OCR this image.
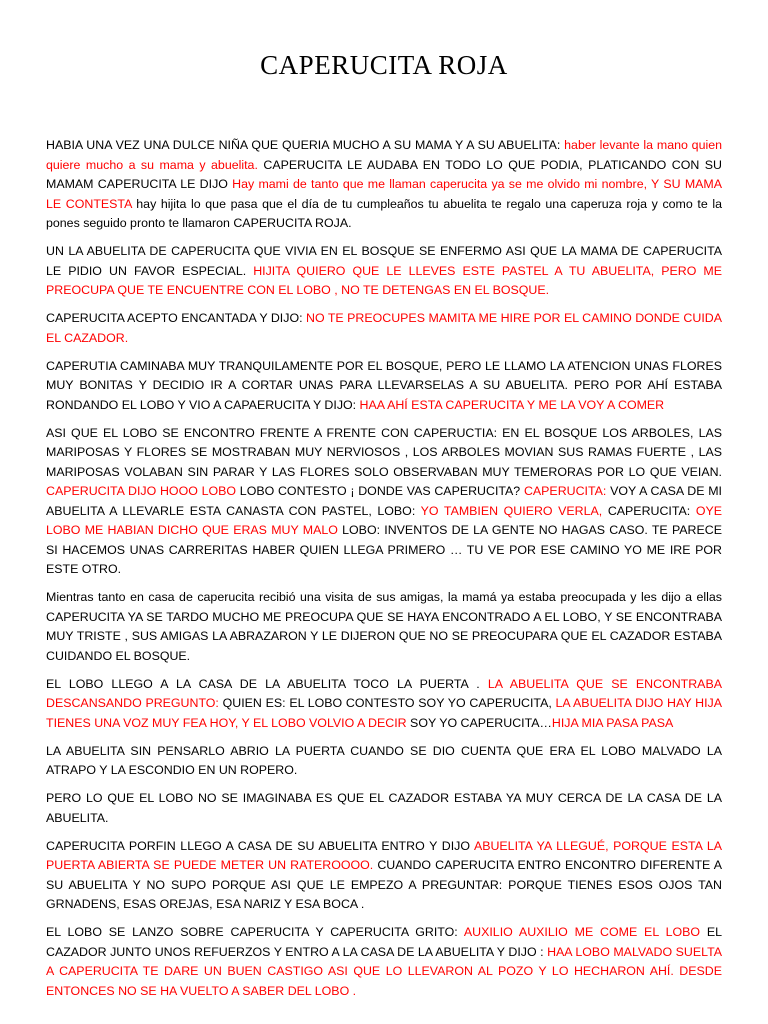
CAPERUCITA ROJA

HABIA UNA VEZ UNA DULCE NIÑA QUE QUERIA MUCHO A SU MAMA Y A SU ABUELITA: haber levante la mano quien quiere mucho a su mama y abuelita. CAPERUCITA LE AUDABA EN TODO LO QUE PODIA, PLATICANDO CON SU MAMAM CAPERUCITA LE DIJO Hay mami de tanto que me llaman caperucita ya se me olvido mi nombre, Y SU MAMA LE CONTESTA hay hijita lo que pasa que el día de tu cumpleaños tu abuelita te regalo una caperuza roja y como te la pones seguido pronto te llamaron CAPERUCITA ROJA.

UN LA ABUELITA DE CAPERUCITA QUE VIVIA EN EL BOSQUE SE ENFERMO ASI QUE LA MAMA DE CAPERUCITA LE PIDIO UN FAVOR ESPECIAL. HIJITA QUIERO QUE LE LLEVES ESTE PASTEL A TU ABUELITA, PERO ME PREOCUPA QUE TE ENCUENTRE CON EL LOBO , NO TE DETENGAS EN EL BOSQUE.

CAPERUCITA ACEPTO ENCANTADA Y DIJO: NO TE PREOCUPES MAMITA ME HIRE POR EL CAMINO DONDE CUIDA EL CAZADOR.

CAPERUTIA CAMINABA MUY TRANQUILAMENTE POR EL BOSQUE, PERO LE LLAMO LA ATENCION UNAS FLORES MUY BONITAS Y DECIDIO IR A CORTAR UNAS PARA LLEVARSELAS A SU ABUELITA. PERO POR AHÍ ESTABA RONDANDO EL LOBO Y VIO A CAPAERUCITA Y DIJO: HAA AHÍ ESTA CAPERUCITA Y ME LA VOY A COMER

ASI QUE EL LOBO SE ENCONTRO FRENTE A FRENTE CON CAPERUCTIA: EN EL BOSQUE LOS ARBOLES, LAS MARIPOSAS Y FLORES SE MOSTRABAN MUY NERVIOSOS , LOS ARBOLES MOVIAN SUS RAMAS FUERTE , LAS MARIPOSAS VOLABAN SIN PARAR Y LAS FLORES SOLO OBSERVABAN MUY TEMERORAS POR LO QUE VEIAN. CAPERUCITA DIJO HOOO LOBO LOBO CONTESTO ¡ DONDE VAS CAPERUCITA? CAPERUCITA: VOY A CASA DE MI ABUELITA A LLEVARLE ESTA CANASTA CON PASTEL, LOBO: YO TAMBIEN QUIERO VERLA, CAPERUCITA: OYE LOBO ME HABIAN DICHO QUE ERAS MUY MALO LOBO: INVENTOS DE LA GENTE NO HAGAS CASO. TE PARECE SI HACEMOS UNAS CARRERITAS HABER QUIEN LLEGA PRIMERO … TU VE POR ESE CAMINO YO ME IRE POR ESTE OTRO.

Mientras tanto en casa de caperucita recibió una visita de sus amigas, la mamá ya estaba preocupada y les dijo a ellas CAPERUCITA YA SE TARDO MUCHO ME PREOCUPA QUE SE HAYA ENCONTRADO A EL LOBO, Y SE ENCONTRABA MUY TRISTE , SUS AMIGAS LA ABRAZARON Y LE DIJERON QUE NO SE PREOCUPARA QUE EL CAZADOR ESTABA CUIDANDO EL BOSQUE.

EL LOBO LLEGO A LA CASA DE LA ABUELITA TOCO LA PUERTA . LA ABUELITA QUE SE ENCONTRABA DESCANSANDO PREGUNTO: QUIEN ES: EL LOBO CONTESTO SOY YO CAPERUCITA, LA ABUELITA DIJO HAY HIJA TIENES UNA VOZ MUY FEA HOY, Y EL LOBO VOLVIO A DECIR SOY YO CAPERUCITA…HIJA MIA PASA PASA

LA ABUELITA SIN PENSARLO ABRIO LA PUERTA CUANDO SE DIO CUENTA QUE ERA EL LOBO MALVADO LA ATRAPO Y LA ESCONDIO EN UN ROPERO.

PERO LO QUE EL LOBO NO SE IMAGINABA ES QUE EL CAZADOR ESTABA YA MUY CERCA DE LA CASA DE LA ABUELITA.

CAPERUCITA PORFIN LLEGO A CASA DE SU ABUELITA ENTRO Y DIJO ABUELITA YA LLEGUÉ, PORQUE ESTA LA PUERTA ABIERTA SE PUEDE METER UN RATEROOOO. CUANDO CAPERUCITA ENTRO ENCONTRO DIFERENTE A SU ABUELITA Y NO SUPO PORQUE ASI QUE LE EMPEZO A PREGUNTAR: PORQUE TIENES ESOS OJOS TAN GRNADENS, ESAS OREJAS, ESA NARIZ Y ESA BOCA .

EL LOBO SE LANZO SOBRE CAPERUCITA Y CAPERUCITA GRITO: AUXILIO AUXILIO ME COME EL LOBO EL CAZADOR JUNTO UNOS REFUERZOS Y ENTRO A LA CASA DE LA ABUELITA Y DIJO : HAA LOBO MALVADO SUELTA A CAPERUCITA TE DARE UN BUEN CASTIGO ASI QUE LO LLEVARON AL POZO Y LO HECHARON AHÍ. DESDE ENTONCES NO SE HA VUELTO A SABER DEL LOBO .
